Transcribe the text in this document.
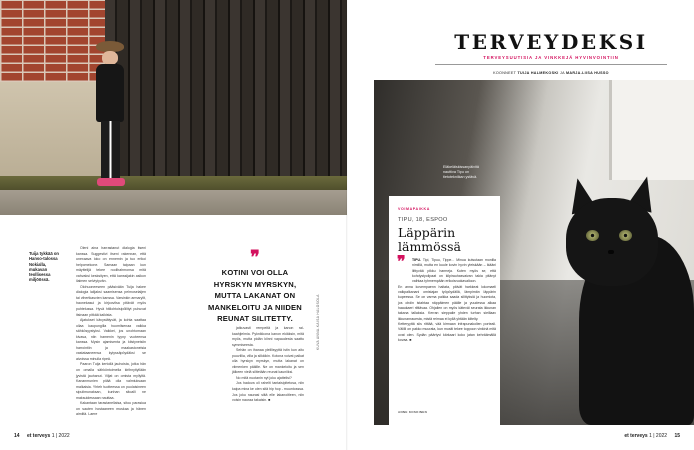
Tuija tykkää on Hanso-talossa Nokialla, mukavan teollisessa miljöössä.

Oleni aina harrastanut dialogia itseni kanssa. Suggestivi itseni rakennan, että unexaava loko on ennemin ja tuo erikoi helpomekone. Samaan taipaan kun mäyttelijä tekee roolihahmonsa mitä vahvaksi kesksityen, että kanssijakin asikon ilalmen selviytyvän.

Olohuoneeseen pääsivään Tuija hakee dialogia lailjaksi saamisensa pelmoselaijen tai vihertkasvien kanssa. Varsinkin armarylit, haonekasui ja kirjoovilsa pitävät myös puhtelussa. Hyvä hitilohtoisipöllityt puhuvat itsinaan pitkää kaikista.

Ajatukset kävystätyvät, ja kohta saattaa ollaa kaupungilla huomlisenaa valkka sähkösyystyksi. Vaikkei, jos unohtomaan kivasa, niin hamenin tyyny vuoteensa kanssa. Mysin ajamisenta ja kiistyneisiin harrointiin ja maakastoneisia vastataaneensa kytyssäpöydäksi se aivoissa minulla ripeä.

Paaron Tuija kertoilä jauhoista, jotka hän on omalla sähköntoimella kirihnytiyllään jyvistä jauhanut. Viljat on omista myllyltä. Kananmunien piiää olla valmiuksaan malkaisia. Yhteh tuotteessa on puolaisineen sipulimunaksan, kunhan sitoalli ne maksuidessaan nauttaa.

Kakantaan tarastanellaisa, sitou parasiua on sauten hostaaneen muskaa ja hänen aimiltä. Laere

❞
KOTINI VOI OLLA HYRSKYN MYRSKYN, MUTTA LAKANAT ON MANKELOITU JA NIIDEN REUNAT SILITETTY.

jatkuvasti rempeitä ja kanon rai-kaahjielmia. Pyknikkona kanon ekiäksin, mitä myös, mutta pidän kiinni vapaudesta saattu symmiseesta.

Sehän on ihanaa yleillisyyttä istin kun aito puuvillia, villa ja silkkikin. Kotona voivat paikat olla hyrskyn myrskyn, mutta lakanat on viimenken pääille. Ne on mankeloitu ja sen jälkeen vielä silitetään reunat kauniiksi.

No mitä nuotanin nyt joku ajattelisi?

Jos hadova oli rahelti tantaisipitetosa, niin kaipa mina ke olen sitä hip hop - muuntosssa. Jos joku naurasi siitä elle lakanoitleen, niin voisin nauraa takaisin. ■

KUVA ANNA-KAISA HALOSOLA
14 et terveys 1 | 2022
TERVEYDEKSI
TERVEYSUUTISIA JA VINKKEJÄ HYVINVOINTIIN
KOONNEET TUIJA HALMEKOSKI JA MARJA-LIISA HUSSO
Eläkeläiskissanpäivitä nauttiva Tipu on tietotekniikan ystävä.
VOIMAPAIKKA
TIPU, 18, ESPOO
Läppärin lämmössä
❞	TIPU. Tipi, Tipuu, Tippe... Minua kutsutaan monilla nimillä, mutta en kuule kovin hyvin yleiskään – ikääni liittyvää pikku harmeja. Kuten myös se, että kohdystyolipaat on kilpirauhasvaivan takia pitänyt vaihtaa tyhmempään erikoisruokavalioon.

En anna kovempaenn haitata, päivät harkkeat lokomaeli valkpalkanani omistajan työpöydällä, lämpimän läppärin kupeessa. Se on varma paikka saada silittyksiä ja huomiota, jos ohdin istahtaa näppäimen päälle ja yuudessa alkaa haaukaeri riittävaa. Ohjailen on myös käteväi seurata ikkunan takana tallaksia. Kerran sieppaile yhden turhan sieillaav ikkunanrauesta, mistä reimaa ei kyllä yhtään kiitelty.

Ketteryyttä siis riittää, vää kirmaan infrapunakolien porteali. Välilli on pakko muurata, kun musiti tekee toppoon vinkinä mitä ovat olen. Sydän päärtyvi kärkaari koko jatan kehräämällä kovaa. ■

ANNE KOSKINEN
et terveys 1 | 2022 15
